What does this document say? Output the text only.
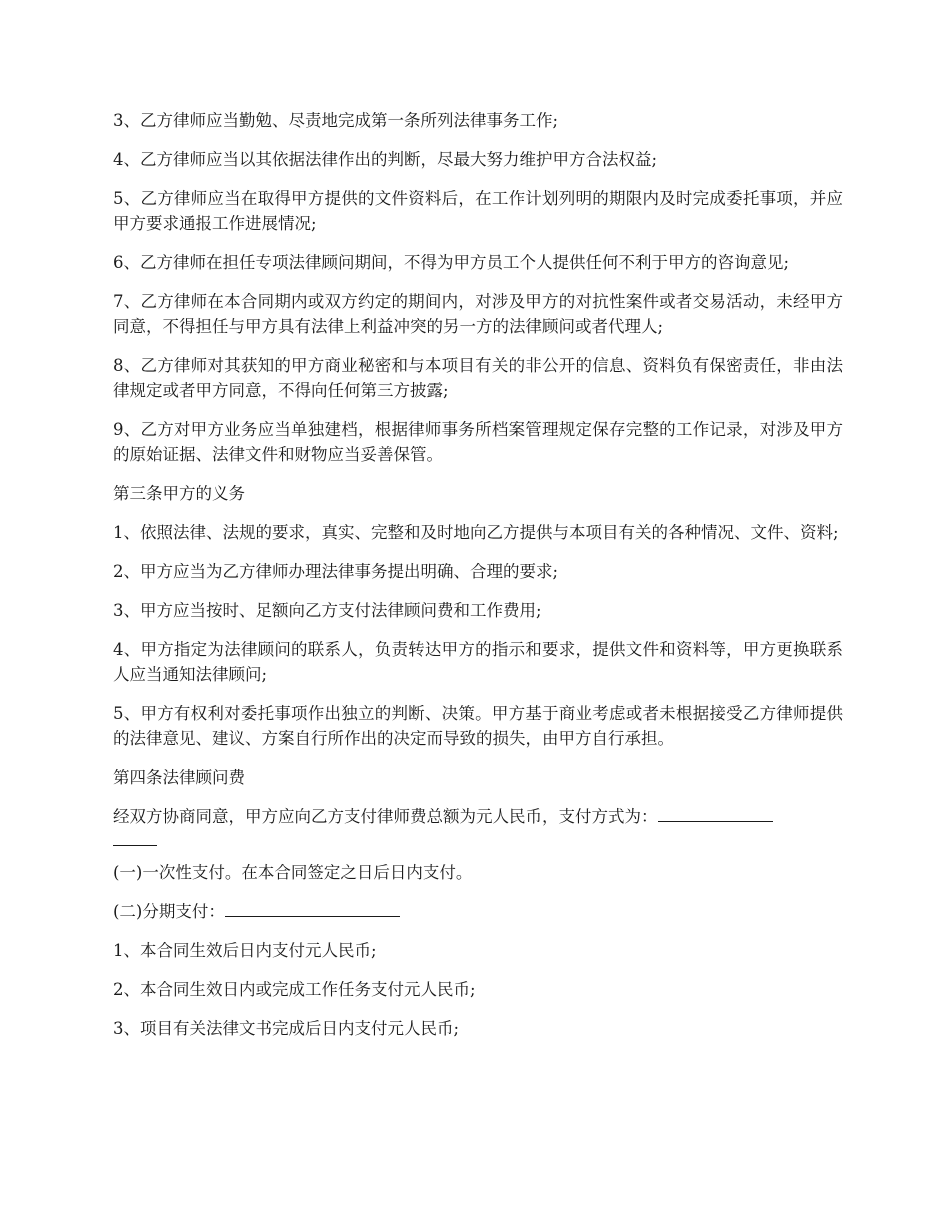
3、乙方律师应当勤勉、尽责地完成第一条所列法律事务工作;

4、乙方律师应当以其依据法律作出的判断，尽最大努力维护甲方合法权益;

5、乙方律师应当在取得甲方提供的文件资料后，在工作计划列明的期限内及时完成委托事项，并应甲方要求通报工作进展情况;

6、乙方律师在担任专项法律顾问期间，不得为甲方员工个人提供任何不利于甲方的咨询意见;

7、乙方律师在本合同期内或双方约定的期间内，对涉及甲方的对抗性案件或者交易活动，未经甲方同意，不得担任与甲方具有法律上利益冲突的另一方的法律顾问或者代理人;

8、乙方律师对其获知的甲方商业秘密和与本项目有关的非公开的信息、资料负有保密责任，非由法律规定或者甲方同意，不得向任何第三方披露;

9、乙方对甲方业务应当单独建档，根据律师事务所档案管理规定保存完整的工作记录，对涉及甲方的原始证据、法律文件和财物应当妥善保管。

第三条甲方的义务

1、依照法律、法规的要求，真实、完整和及时地向乙方提供与本项目有关的各种情况、文件、资料;

2、甲方应当为乙方律师办理法律事务提出明确、合理的要求;

3、甲方应当按时、足额向乙方支付法律顾问费和工作费用;

4、甲方指定为法律顾问的联系人，负责转达甲方的指示和要求，提供文件和资料等，甲方更换联系人应当通知法律顾问;

5、甲方有权利对委托事项作出独立的判断、决策。甲方基于商业考虑或者未根据接受乙方律师提供的法律意见、建议、方案自行所作出的决定而导致的损失，由甲方自行承担。

第四条法律顾问费

经双方协商同意，甲方应向乙方支付律师费总额为元人民币，支付方式为：

(一)一次性支付。在本合同签定之日后日内支付。

(二)分期支付：

1、本合同生效后日内支付元人民币;

2、本合同生效日内或完成工作任务支付元人民币;

3、项目有关法律文书完成后日内支付元人民币;
